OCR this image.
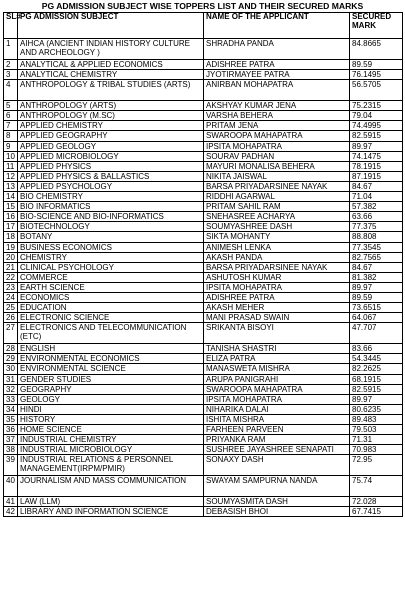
PG ADMISSION SUBJECT WISE TOPPERS LIST AND THEIR SECURED MARKS
SL#	PG ADMISSION SUBJECT	NAME OF THE APPLICANT	SECURED MARK
1	AIHCA (ANCIENT INDIAN HISTORY CULTURE AND ARCHEOLOGY )	SHRADHA PANDA	84.8665
2	ANALYTICAL & APPLIED ECONOMICS	ADISHREE PATRA	89.59
3	ANALYTICAL CHEMISTRY	JYOTIRMAYEE PATRA	76.1495
4	ANTHROPOLOGY & TRIBAL STUDIES (ARTS)	ANIRBAN MOHAPATRA	56.5705
5	ANTHROPOLOGY (ARTS)	AKSHYAY KUMAR JENA	75.2315
6	ANTHROPOLOGY (M.SC)	VARSHA BEHERA	79.04
7	APPLIED CHEMISTRY	PRITAM JENA	74.4995
8	APPLIED GEOGRAPHY	SWAROOPA MAHAPATRA	82.5915
9	APPLIED GEOLOGY	IPSITA MOHAPATRA	89.97
10	APPLIED MICROBIOLOGY	SOURAV PADHAN	74.1475
11	APPLIED PHYSICS	MAYURI MONALISA BEHERA	78.1915
12	APPLIED PHYSICS & BALLASTICS	NIKITA JAISWAL	87.1915
13	APPLIED PSYCHOLOGY	BARSA PRIYADARSINEE NAYAK	84.67
14	BIO CHEMISTRY	RIDDHI AGARWAL	71.04
15	BIO INFORMATICS	PRITAM SAHIL RAM	57.382
16	BIO-SCIENCE AND BIO-INFORMATICS	SNEHASREE ACHARYA	63.66
17	BIOTECHNOLOGY	SOUMYASHREE DASH	77.375
18	BOTANY	SIKTA MOHANTY	88.808
19	BUSINESS ECONOMICS	ANIMESH LENKA	77.3545
20	CHEMISTRY	AKASH PANDA	82.7565
21	CLINICAL PSYCHOLOGY	BARSA PRIYADARSINEE NAYAK	84.67
22	COMMERCE	ASHUTOSH KUMAR	81.382
23	EARTH SCIENCE	IPSITA MOHAPATRA	89.97
24	ECONOMICS	ADISHREE PATRA	89.59
25	EDUCATION	AKASH MEHER	73.6515
26	ELECTRONIC SCIENCE	MANI PRASAD SWAIN	64.067
27	ELECTRONICS AND TELECOMMUNICATION (ETC)	SRIKANTA BISOYI	47.707
28	ENGLISH	TANISHA SHASTRI	83.66
29	ENVIRONMENTAL ECONOMICS	ELIZA PATRA	54.3445
30	ENVIRONMENTAL SCIENCE	MANASWETA MISHRA	82.2625
31	GENDER STUDIES	ARUPA PANIGRAHI	68.1915
32	GEOGRAPHY	SWAROOPA MAHAPATRA	82.5915
33	GEOLOGY	IPSITA MOHAPATRA	89.97
34	HINDI	NIHARIKA DALAI	80.6235
35	HISTORY	ISHITA MISHRA	89.483
36	HOME SCIENCE	FARHEEN PARVEEN	79.503
37	INDUSTRIAL CHEMISTRY	PRIYANKA RAM	71.31
38	INDUSTRIAL MICROBIOLOGY	SUSHREE JAYASHREE SENAPATI	70.983
39	INDUSTRIAL RELATIONS & PERSONNEL MANAGEMENT(IRPM/PMIR)	SONAXY DASH	72.95
40	JOURNALISM AND MASS COMMUNICATION	SWAYAM SAMPURNA NANDA	75.74
41	LAW (LLM)	SOUMYASMITA DASH	72.028
42	LIBRARY AND INFORMATION SCIENCE	DEBASISH BHOI	67.7415
